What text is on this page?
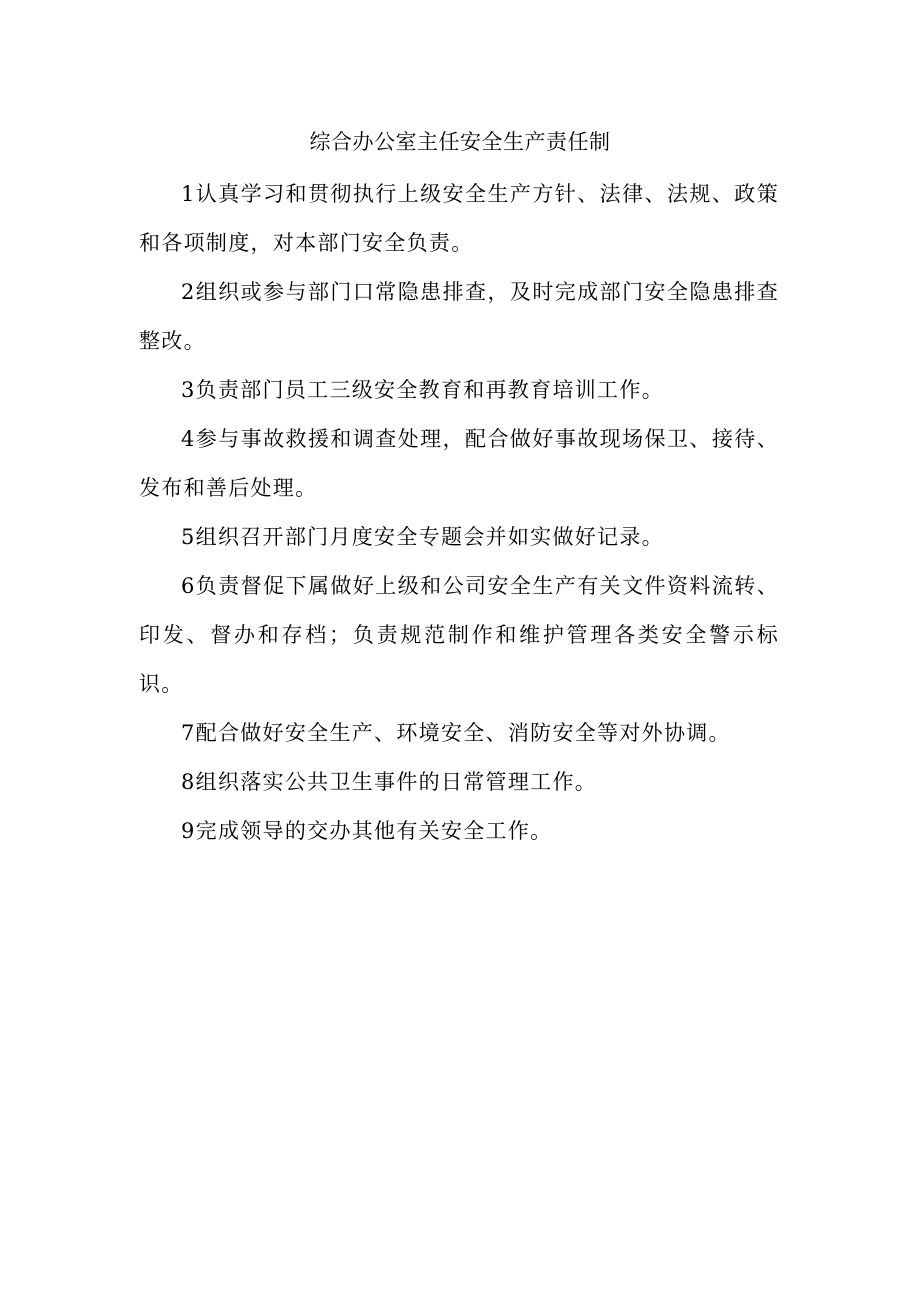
综合办公室主任安全生产责任制

1认真学习和贯彻执行上级安全生产方针、法律、法规、政策和各项制度，对本部门安全负责。

2组织或参与部门口常隐患排查，及时完成部门安全隐患排查整改。

3负责部门员工三级安全教育和再教育培训工作。

4参与事故救援和调查处理，配合做好事故现场保卫、接待、发布和善后处理。

5组织召开部门月度安全专题会并如实做好记录。

6负责督促下属做好上级和公司安全生产有关文件资料流转、印发、督办和存档；负责规范制作和维护管理各类安全警示标识。

7配合做好安全生产、环境安全、消防安全等对外协调。

8组织落实公共卫生事件的日常管理工作。

9完成领导的交办其他有关安全工作。
